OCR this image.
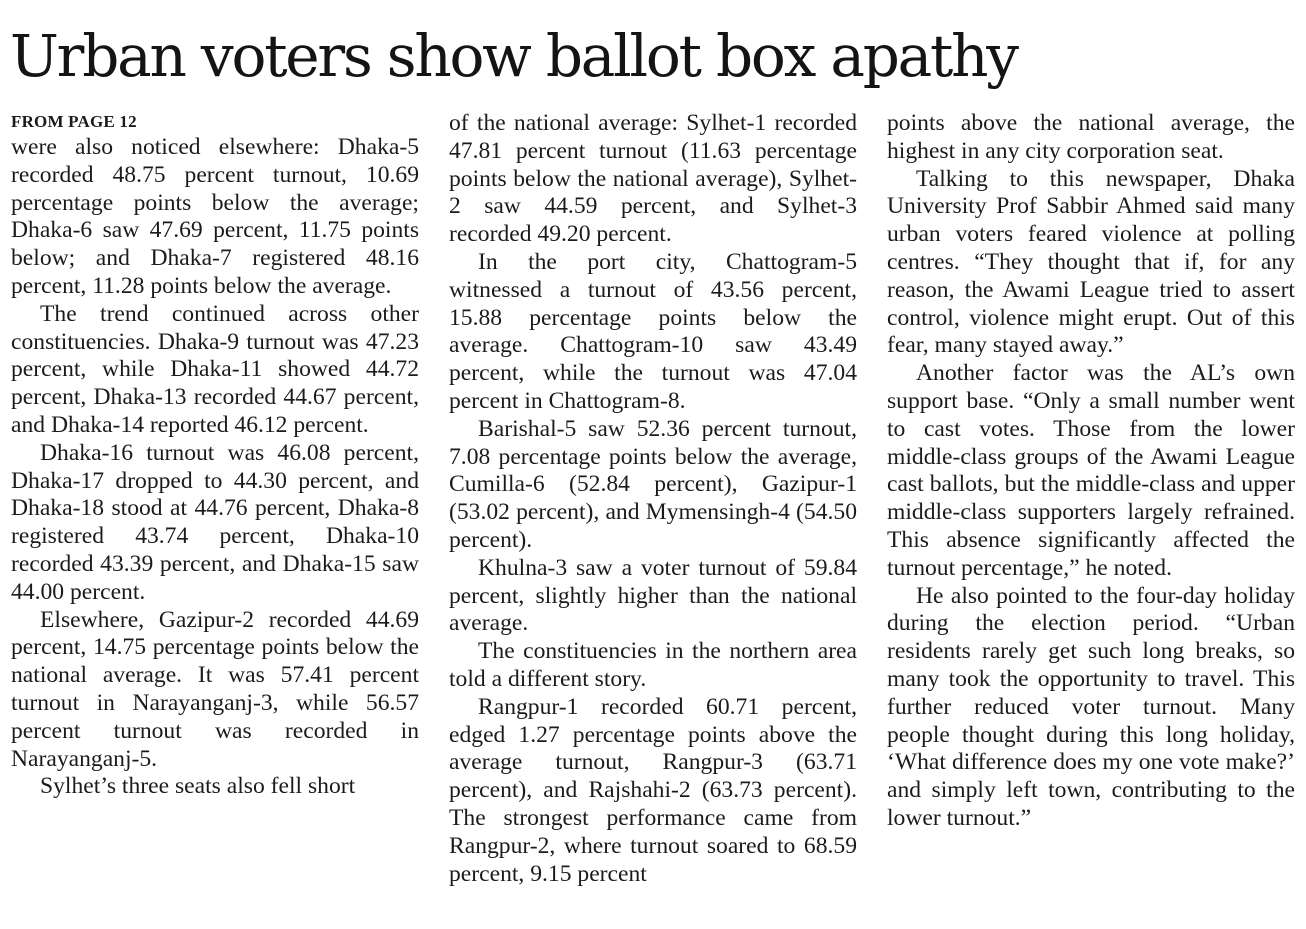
Urban voters show ballot box apathy
FROM PAGE 12

were also noticed elsewhere: Dhaka-5 recorded 48.75 percent turnout, 10.69 percentage points below the average; Dhaka-6 saw 47.69 percent, 11.75 points below; and Dhaka-7 registered 48.16 percent, 11.28 points below the average.

The trend continued across other constituencies. Dhaka-9 turnout was 47.23 percent, while Dhaka-11 showed 44.72 percent, Dhaka-13 recorded 44.67 percent, and Dhaka-14 reported 46.12 percent.

Dhaka-16 turnout was 46.08 percent, Dhaka-17 dropped to 44.30 percent, and Dhaka-18 stood at 44.76 percent, Dhaka-8 registered 43.74 percent, Dhaka-10 recorded 43.39 percent, and Dhaka-15 saw 44.00 percent.

Elsewhere, Gazipur-2 recorded 44.69 percent, 14.75 percentage points below the national average. It was 57.41 percent turnout in Narayanganj-3, while 56.57 percent turnout was recorded in Narayanganj-5.

Sylhet’s three seats also fell short

of the national average: Sylhet-1 recorded 47.81 percent turnout (11.63 percentage points below the national average), Sylhet-2 saw 44.59 percent, and Sylhet-3 recorded 49.20 percent.

In the port city, Chattogram-5 witnessed a turnout of 43.56 percent, 15.88 percentage points below the average. Chattogram-10 saw 43.49 percent, while the turnout was 47.04 percent in Chattogram-8.

Barishal-5 saw 52.36 percent turnout, 7.08 percentage points below the average, Cumilla-6 (52.84 percent), Gazipur-1 (53.02 percent), and Mymensingh-4 (54.50 percent).

Khulna-3 saw a voter turnout of 59.84 percent, slightly higher than the national average.

The constituencies in the northern area told a different story.

Rangpur-1 recorded 60.71 percent, edged 1.27 percentage points above the average turnout, Rangpur-3 (63.71 percent), and Rajshahi-2 (63.73 percent). The strongest performance came from Rangpur-2, where turnout soared to 68.59 percent, 9.15 percent

points above the national average, the highest in any city corporation seat.

Talking to this newspaper, Dhaka University Prof Sabbir Ahmed said many urban voters feared violence at polling centres. “They thought that if, for any reason, the Awami League tried to assert control, violence might erupt. Out of this fear, many stayed away.”

Another factor was the AL’s own support base. “Only a small number went to cast votes. Those from the lower middle-class groups of the Awami League cast ballots, but the middle-class and upper middle-class supporters largely refrained. This absence significantly affected the turnout percentage,” he noted.

He also pointed to the four-day holiday during the election period. “Urban residents rarely get such long breaks, so many took the opportunity to travel. This further reduced voter turnout. Many people thought during this long holiday, ‘What difference does my one vote make?’ and simply left town, contributing to the lower turnout.”
